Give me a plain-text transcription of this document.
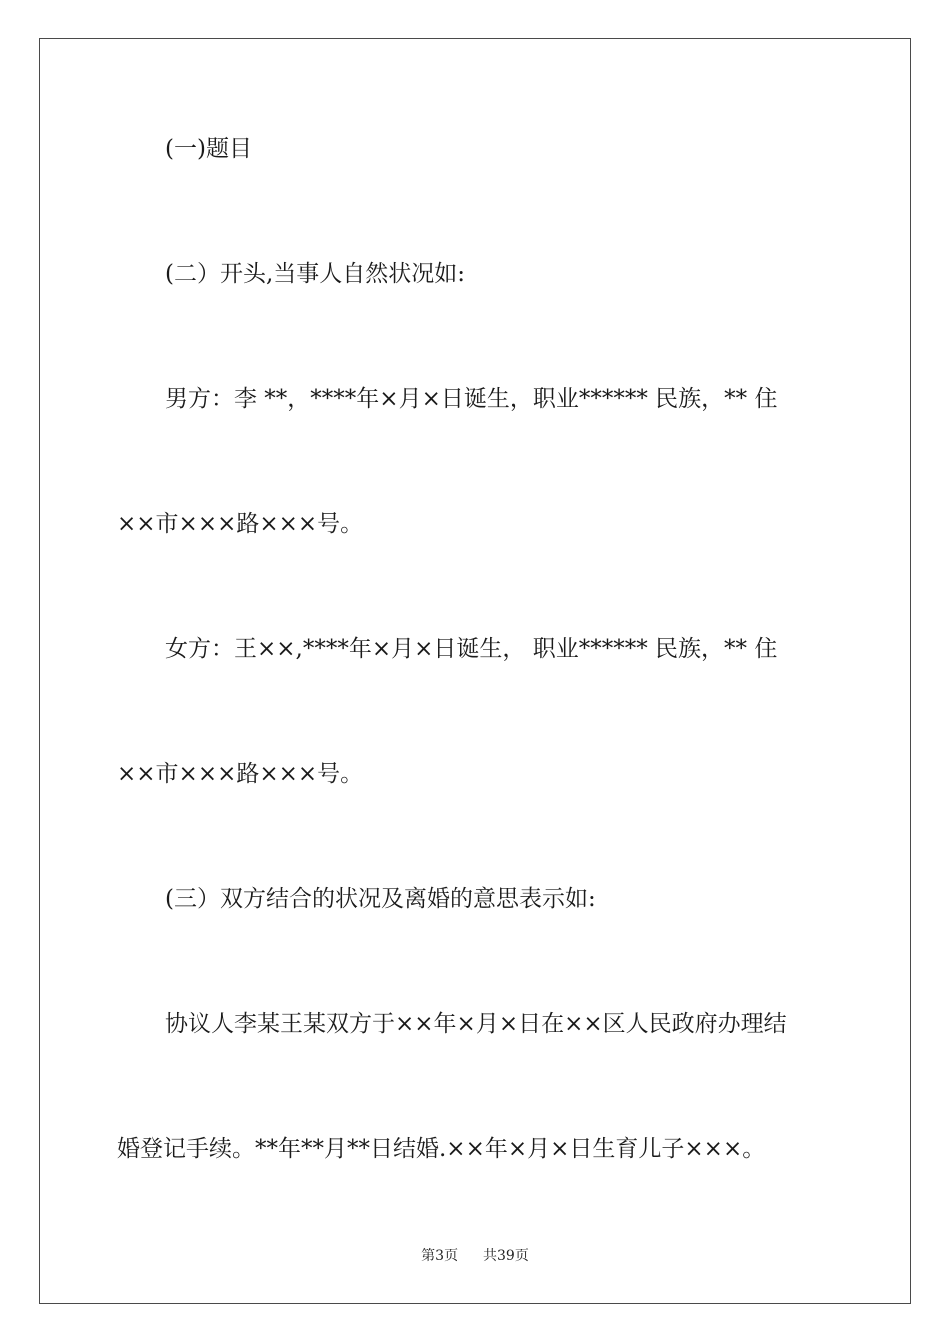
(一)题目
(二）开头,当事人自然状况如:
男方：李 **，****年×月×日诞生，职业****** 民族，** 住
××市×××路×××号。
女方：王××,****年×月×日诞生， 职业****** 民族，** 住
××市×××路×××号。
(三）双方结合的状况及离婚的意思表示如:
协议人李某王某双方于××年×月×日在××区人民政府办理结
婚登记手续。**年**月**日结婚.××年×月×日生育儿子×××。
第3页 共39页
